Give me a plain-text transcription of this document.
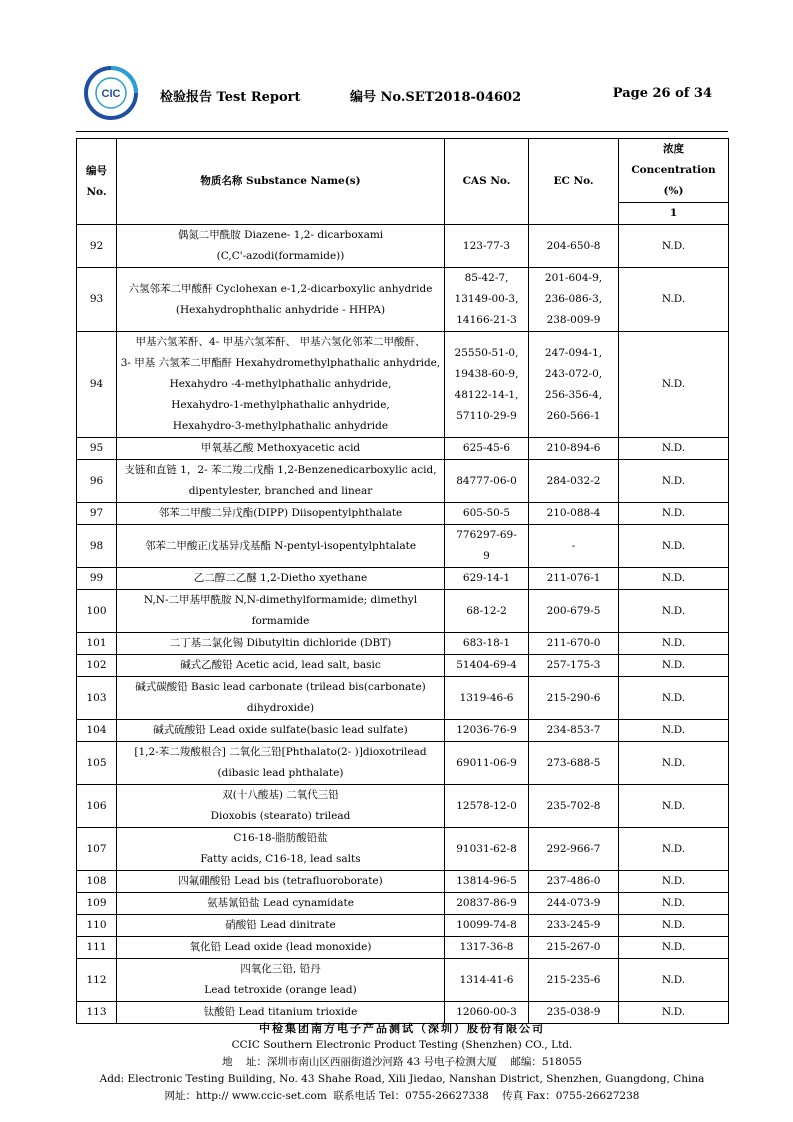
CIC	检验报告 Test Report	编号 No.SET2018-04602	Page 26 of 34
编号
No.	物质名称 Substance Name(s)	CAS No.	EC No.	浓度
Concentration (%)
				1
92	偶氮二甲酰胺 Diazene- 1,2- dicarboxami
(C,C'-azodi(formamide))	123-77-3	204-650-8	N.D.
93	六氢邻苯二甲酸酐 Cyclohexan e-1,2-dicarboxylic anhydride
(Hexahydrophthalic anhydride - HHPA)	85-42-7,
13149-00-3,
14166-21-3	201-604-9,
236-086-3,
238-009-9	N.D.
94	甲基六氢苯酐、4- 甲基六氢苯酐、 甲基六氢化邻苯二甲酸酐、
3- 甲基 六氢苯二甲酯酐 Hexahydromethylphathalic anhydride,
Hexahydro -4-methylphathalic anhydride,
Hexahydro-1-methylphathalic anhydride,
Hexahydro-3-methylphathalic anhydride	25550-51-0,
19438-60-9,
48122-14-1,
57110-29-9	247-094-1,
243-072-0,
256-356-4,
260-566-1	N.D.
95	甲氧基乙酸 Methoxyacetic acid	625-45-6	210-894-6	N.D.
96	支链和直链 1，2- 苯二羧二戊酯 1,2-Benzenedicarboxylic acid,
dipentylester, branched and linear	84777-06-0	284-032-2	N.D.
97	邻苯二甲酸二异戊酯(DIPP) Diisopentylphthalate	605-50-5	210-088-4	N.D.
98	邻苯二甲酸正戊基异戊基酯 N-pentyl-isopentylphtalate	776297-69-
9	-	N.D.
99	乙二醇二乙醚 1,2-Dietho xyethane	629-14-1	211-076-1	N.D.
100	N,N-二甲基甲酰胺 N,N-dimethylformamide; dimethyl
formamide	68-12-2	200-679-5	N.D.
101	二丁基二氯化锡 Dibutyltin dichloride (DBT)	683-18-1	211-670-0	N.D.
102	碱式乙酸铅 Acetic acid, lead salt, basic	51404-69-4	257-175-3	N.D.
103	碱式碳酸铅 Basic lead carbonate (trilead bis(carbonate)
dihydroxide)	1319-46-6	215-290-6	N.D.
104	碱式硫酸铅 Lead oxide sulfate(basic lead sulfate)	12036-76-9	234-853-7	N.D.
105	[1,2-苯二羧酸根合] 二氧化三铅[Phthalato(2- )]dioxotrilead
(dibasic lead phthalate)	69011-06-9	273-688-5	N.D.
106	双(十八酸基) 二氧代三铅
Dioxobis (stearato) trilead	12578-12-0	235-702-8	N.D.
107	C16-18-脂肪酸铅盐
Fatty acids, C16-18, lead salts	91031-62-8	292-966-7	N.D.
108	四氟硼酸铅 Lead bis (tetrafluoroborate)	13814-96-5	237-486-0	N.D.
109	氨基氰铅盐 Lead cynamidate	20837-86-9	244-073-9	N.D.
110	硝酸铅 Lead dinitrate	10099-74-8	233-245-9	N.D.
111	氧化铅 Lead oxide (lead monoxide)	1317-36-8	215-267-0	N.D.
112	四氧化三铅, 铅丹
Lead tetroxide (orange lead)	1314-41-6	215-235-6	N.D.
113	钛酸铅 Lead titanium trioxide	12060-00-3	235-038-9	N.D.
中检集团南方电子产品测试（深圳）股份有限公司
CCIC Southern Electronic Product Testing (Shenzhen) CO., Ltd.
地    址：深圳市南山区西丽街道沙河路 43 号电子检测大厦    邮编：518055
Add: Electronic Testing Building, No. 43 Shahe Road, Xili Jiedao, Nanshan District, Shenzhen, Guangdong, China
网址：http:// www.ccic-set.com  联系电话 Tel：0755-26627338    传真 Fax：0755-26627238
